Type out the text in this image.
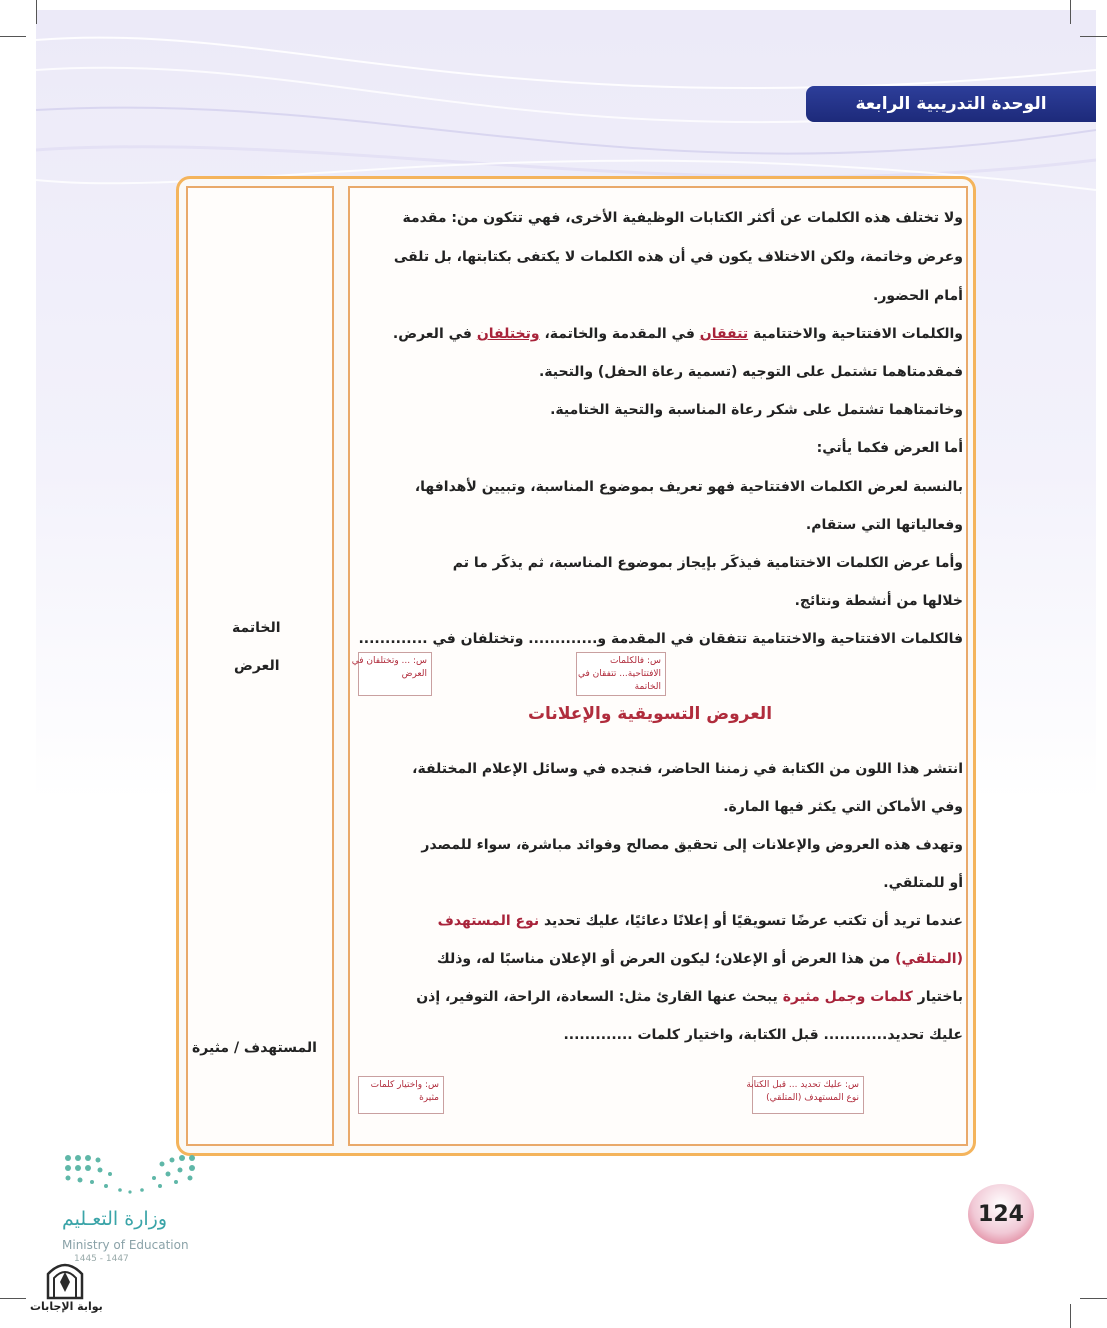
الوحدة التدريبية الرابعة
الخاتمة
العرض
المستهدف / مثيرة
ولا تختلف هذه الكلمات عن أكثر الكتابات الوظيفية الأخرى، فهي تتكون من: مقدمة
وعرض وخاتمة، ولكن الاختلاف يكون في أن هذه الكلمات لا يكتفى بكتابتها، بل تلقى
أمام الحضور.
والكلمات الافتتاحية والاختتامية تتفقان في المقدمة والخاتمة، وتختلفان في العرض.
فمقدمتاهما تشتمل على التوجيه (تسمية رعاة الحفل) والتحية.
وخاتمتاهما تشتمل على شكر رعاة المناسبة والتحية الختامية.
أما العرض فكما يأتي:
بالنسبة لعرض الكلمات الافتتاحية فهو تعريف بموضوع المناسبة، وتبيين لأهدافها،
وفعالياتها التي ستقام.
وأما عرض الكلمات الاختتامية فيذكَر بإيجاز بموضوع المناسبة، ثم يذكَر ما تم
خلالها من أنشطة ونتائج.
فالكلمات الافتتاحية والاختتامية تتفقان في المقدمة و............. وتختلفان في .............
س: فالكلمات
الافتتاحية... تتفقان في
الخاتمة
س: ... وتختلفان في
العرض
العروض التسويقية والإعلانات
انتشر هذا اللون من الكتابة في زمننا الحاضر، فنجده في وسائل الإعلام المختلفة،
وفي الأماكن التي يكثر فيها المارة.
وتهدف هذه العروض والإعلانات إلى تحقيق مصالح وفوائد مباشرة، سواء للمصدر
أو للمتلقي.
عندما تريد أن تكتب عرضًا تسويقيًا أو إعلانًا دعائيًا، عليك تحديد نوع المستهدف
(المتلقي) من هذا العرض أو الإعلان؛ ليكون العرض أو الإعلان مناسبًا له، وذلك
باختيار كلمات وجمل مثيرة يبحث عنها القارئ مثل: السعادة، الراحة، التوفير، إذن
عليك تحديد............ قبل الكتابة، واختيار كلمات .............
س: عليك تحديد ... قبل الكتابة
نوع المستهدف (المتلقي)
س: واختيار كلمات
مثيرة
124
وزارة التعـليم
Ministry of Education
1445 - 1447
بوابة الإجابات
